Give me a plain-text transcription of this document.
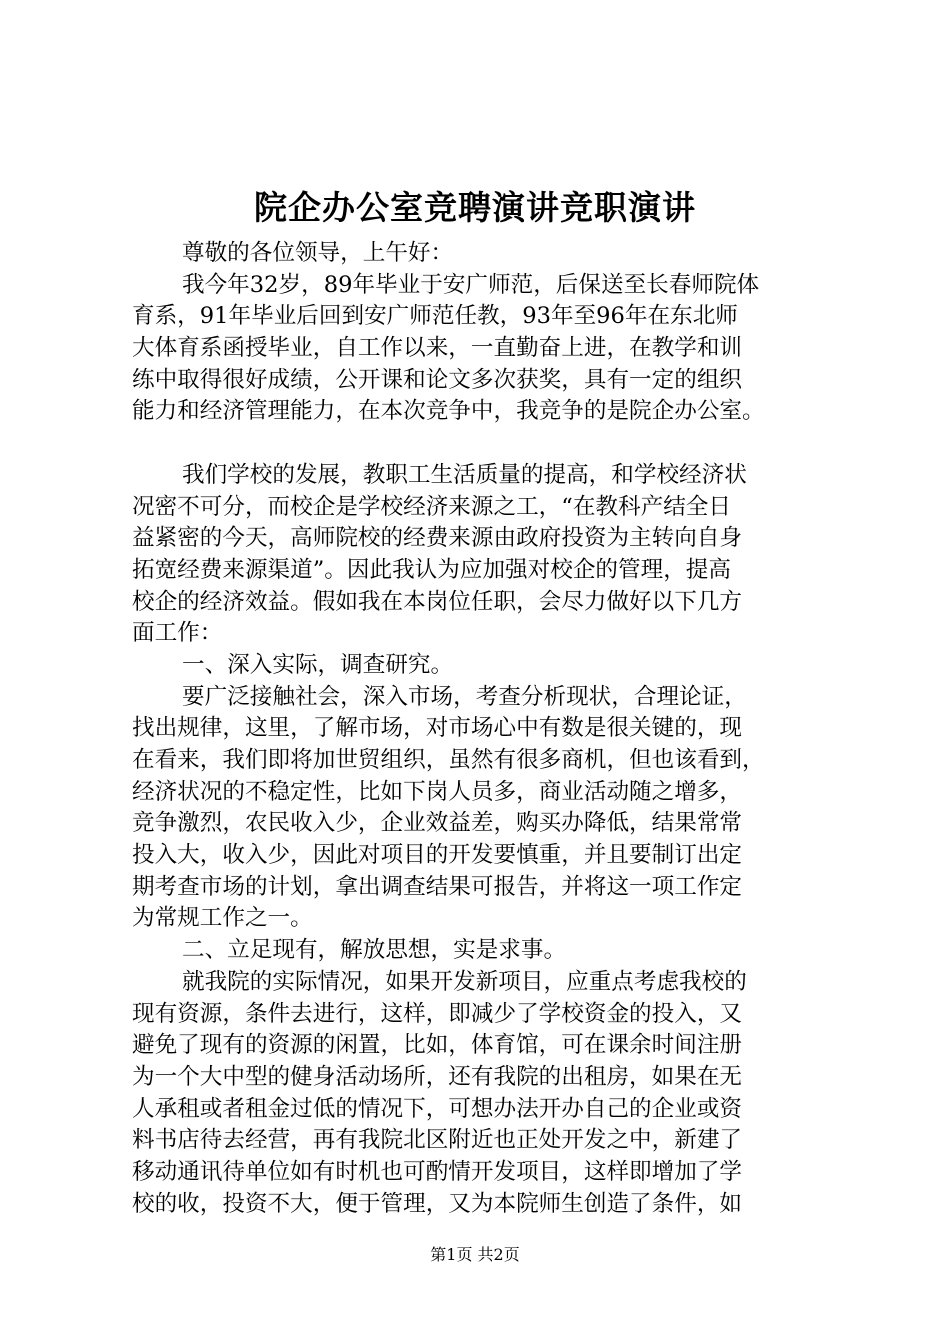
院企办公室竞聘演讲竞职演讲
尊敬的各位领导，上午好：
我今年32岁，89年毕业于安广师范，后保送至长春师院体
育系，91年毕业后回到安广师范任教，93年至96年在东北师
大体育系函授毕业，自工作以来，一直勤奋上进，在教学和训
练中取得很好成绩，公开课和论文多次获奖，具有一定的组织
能力和经济管理能力，在本次竞争中，我竞争的是院企办公室。
我们学校的发展，教职工生活质量的提高，和学校经济状
况密不可分，而校企是学校经济来源之工，“在教科产结全日
益紧密的今天，高师院校的经费来源由政府投资为主转向自身
拓宽经费来源渠道”。因此我认为应加强对校企的管理，提高
校企的经济效益。假如我在本岗位任职，会尽力做好以下几方
面工作：
一、深入实际，调查研究。
要广泛接触社会，深入市场，考查分析现状，合理论证，
找出规律，这里，了解市场，对市场心中有数是很关键的，现
在看来，我们即将加世贸组织，虽然有很多商机，但也该看到，
经济状况的不稳定性，比如下岗人员多，商业活动随之增多，
竞争激烈，农民收入少，企业效益差，购买办降低，结果常常
投入大，收入少，因此对项目的开发要慎重，并且要制订出定
期考查市场的计划，拿出调查结果可报告，并将这一项工作定
为常规工作之一。
二、立足现有，解放思想，实是求事。
就我院的实际情况，如果开发新项目，应重点考虑我校的
现有资源，条件去进行，这样，即减少了学校资金的投入，又
避免了现有的资源的闲置，比如，体育馆，可在课余时间注册
为一个大中型的健身活动场所，还有我院的出租房，如果在无
人承租或者租金过低的情况下，可想办法开办自己的企业或资
料书店待去经营，再有我院北区附近也正处开发之中，新建了
移动通讯待单位如有时机也可酌情开发项目，这样即增加了学
校的收，投资不大，便于管理，又为本院师生创造了条件，如
第1页 共2页
